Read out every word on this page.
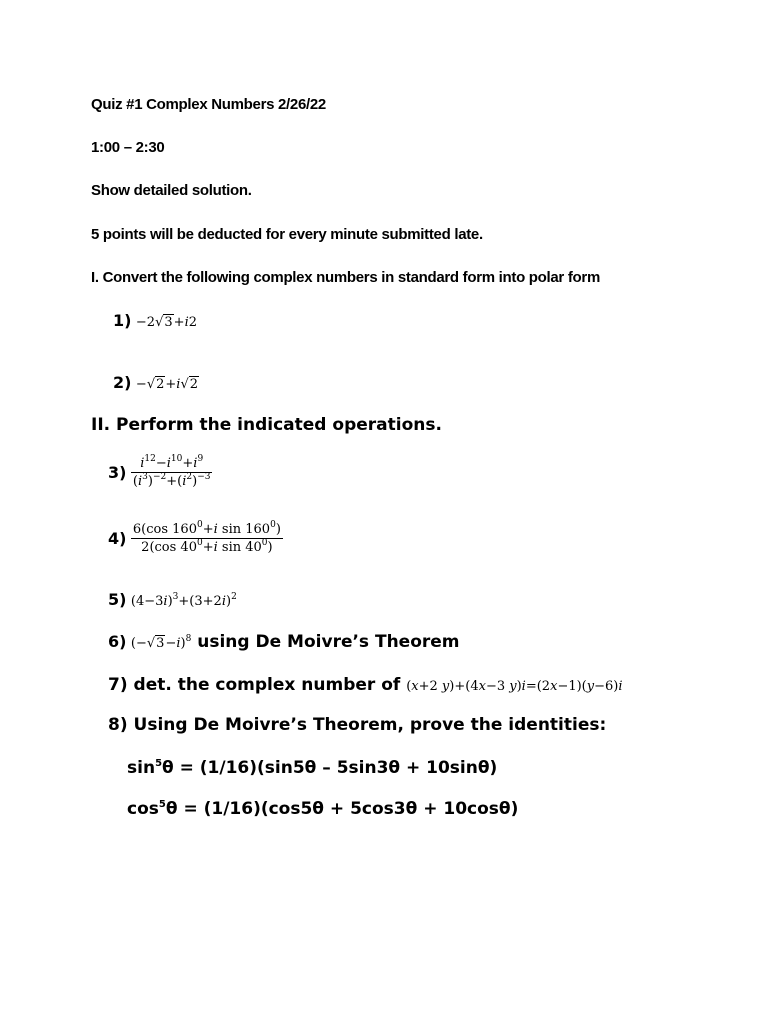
Quiz #1 Complex Numbers 2/26/22
1:00 – 2:30
Show detailed solution.
5 points will be deducted for every minute submitted late.
I. Convert the following complex numbers in standard form into polar form
1) −2√3+i2
2) −√2+i√2
II. Perform the indicated operations.
$3) \frac{i^{12}-i^{10}+i^9}{(i^3)^{-2}+(i^2)^{-3}}$
$4) \frac{6(\cos 160^0+i \sin 160^0)}{2(\cos 40^0+i \sin 40^0)}$
5) $(4-3i)^3+(3+2i)^2$
6) $(-√3-i)^8$ using De Moivre’s Theorem
7) det. the complex number of (x+2 y)+(4x−3 y)i=(2x−1)(y−6)i
8) Using De Moivre’s Theorem, prove the identities:
$\sin^5\theta = (1/16)(\sin 5\theta - 5\sin 3\theta + 10\sin\theta)$
$\cos^5\theta = (1/16)(\cos 5\theta + 5\cos 3\theta + 10\cos\theta)$
